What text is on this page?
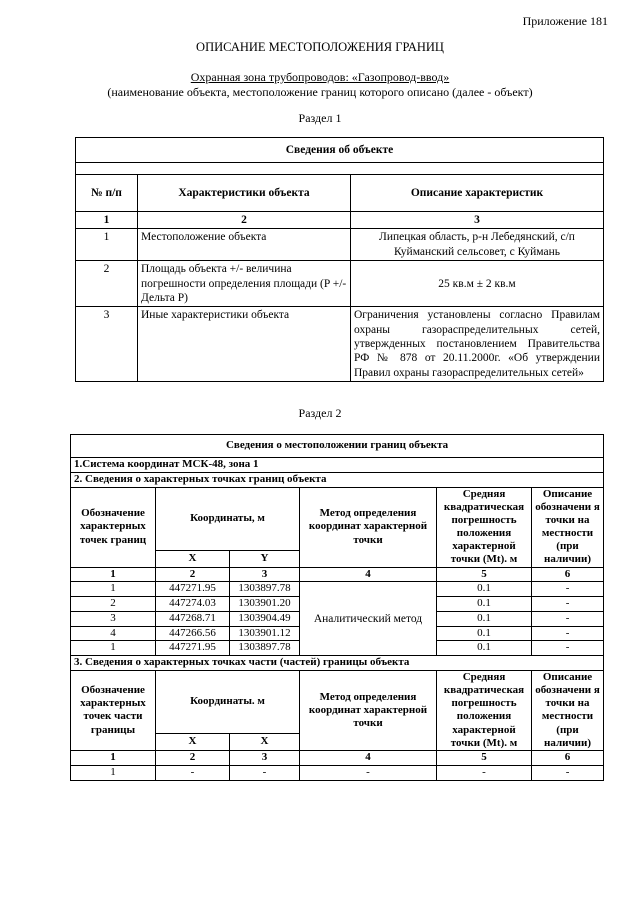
Приложение 181
ОПИСАНИЕ МЕСТОПОЛОЖЕНИЯ ГРАНИЦ
Охранная зона трубопроводов: «Газопровод-ввод»
(наименование объекта, местоположение границ которого описано (далее - объект)
Раздел 1
Сведения об объекте		

№ п/п	Характеристики объекта	Описание характеристик
1	2	3
1	Местоположение объекта	Липецкая область, р-н Лебедянский, с/п Куйманский сельсовет, с Куймань
2	Площадь объекта +/- величина погрешности определения площади (P +/- Дельта P)	25 кв.м ± 2 кв.м
3	Иные характеристики объекта	Ограничения установлены согласно Правилам охраны газораспределительных сетей, утвержденных постановлением Правительства РФ № 878 от 20.11.2000г. «Об утверждении Правил охраны газораспределительных сетей»
Раздел 2
Сведения о местоположении границ объекта					
1.Система координат МСК-48, зона 1					
2. Сведения о характерных точках границ объекта					
Обозначение характерных точек границ	Координаты, м		Метод определения координат характерной точки	Средняя квадратическая погрешность положения характерной точки (Mt). м	Описание обозначени я точки на местности (при наличии)
	X	Y			
1	2	3	4	5	6
1	447271.95	1303897.78	Аналитический метод	0.1	-
2	447274.03	1303901.20		0.1	-
3	447268.71	1303904.49		0.1	-
4	447266.56	1303901.12		0.1	-
1	447271.95	1303897.78		0.1	-
3. Сведения о характерных точках части (частей) границы объекта					
Обозначение характерных точек части границы	Координаты. м		Метод определения координат характерной точки	Средняя квадратическая погрешность положения характерной точки (Mt). м	Описание обозначени я точки на местности (при наличии)
	X	X			
1	2	3	4	5	6
1	-	-	-	-	-
